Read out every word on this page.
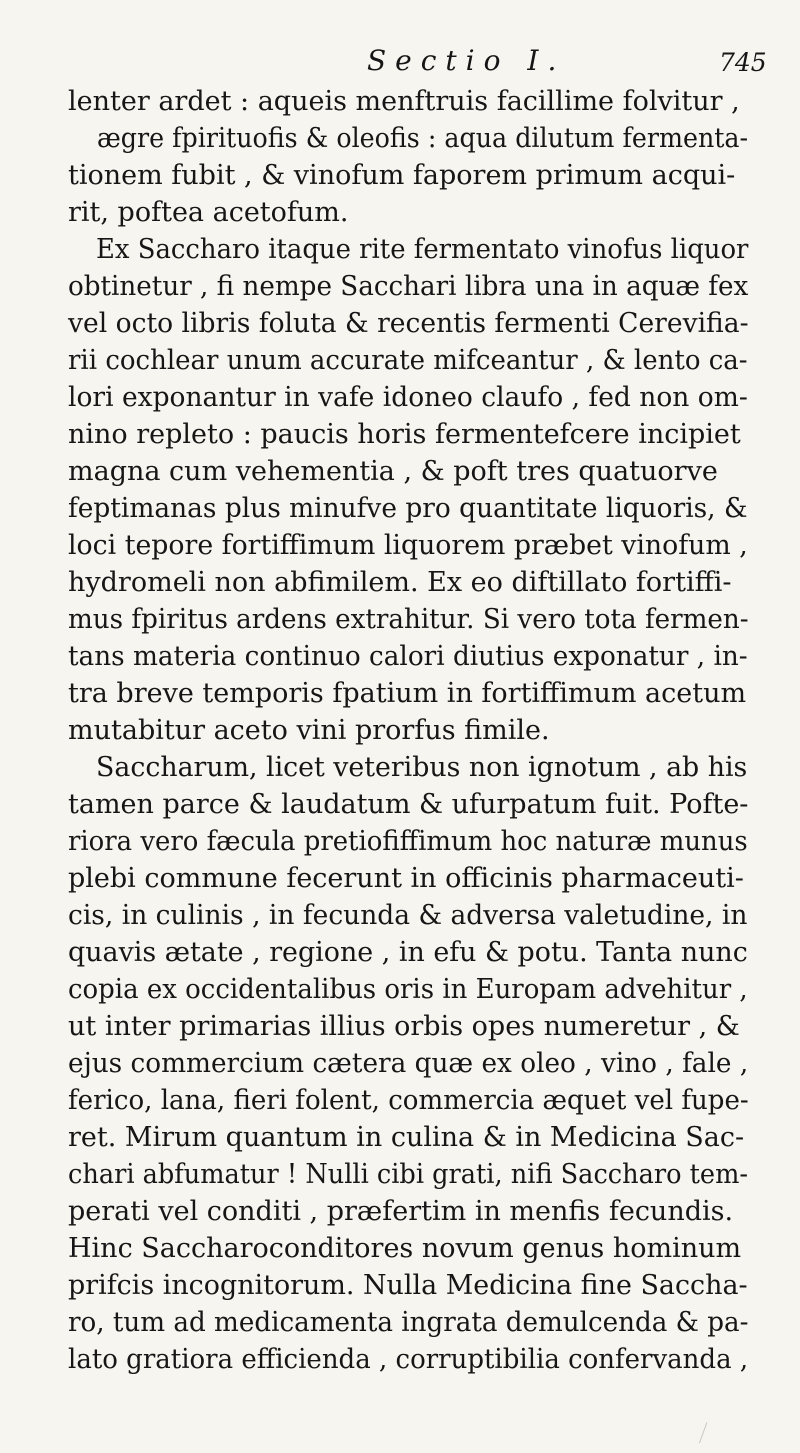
Sectio I.	745
lenter ardet : aqueis menftruis facillime folvitur ,
ægre fpirituofis & oleofis : aqua dilutum fermenta-
tionem fubit , & vinofum faporem primum acqui-
rit, poftea acetofum.
Ex Saccharo itaque rite fermentato vinofus liquor
obtinetur , fi nempe Sacchari libra una in aquæ fex
vel octo libris foluta & recentis fermenti Cerevifia-
rii cochlear unum accurate mifceantur , & lento ca-
lori exponantur in vafe idoneo claufo , fed non om-
nino repleto : paucis horis fermentefcere incipiet
magna cum vehementia , & poft tres quatuorve
feptimanas plus minufve pro quantitate liquoris, &
loci tepore fortiffimum liquorem præbet vinofum ,
hydromeli non abfimilem. Ex eo diftillato fortiffi-
mus fpiritus ardens extrahitur. Si vero tota fermen-
tans materia continuo calori diutius exponatur , in-
tra breve temporis fpatium in fortiffimum acetum
mutabitur aceto vini prorfus fimile.
Saccharum, licet veteribus non ignotum , ab his
tamen parce & laudatum & ufurpatum fuit. Pofte-
riora vero fæcula pretiofiffimum hoc naturæ munus
plebi commune fecerunt in officinis pharmaceuti-
cis, in culinis , in fecunda & adversa valetudine, in
quavis ætate , regione , in efu & potu. Tanta nunc
copia ex occidentalibus oris in Europam advehitur ,
ut inter primarias illius orbis opes numeretur , &
ejus commercium cætera quæ ex oleo , vino , fale ,
ferico, lana, fieri folent, commercia æquet vel fupe-
ret. Mirum quantum in culina & in Medicina Sac-
chari abfumatur ! Nulli cibi grati, nifi Saccharo tem-
perati vel conditi , præfertim in menfis fecundis.
Hinc Saccharoconditores novum genus hominum
prifcis incognitorum. Nulla Medicina fine Saccha-
ro, tum ad medicamenta ingrata demulcenda & pa-
lato gratiora efficienda , corruptibilia confervanda ,
